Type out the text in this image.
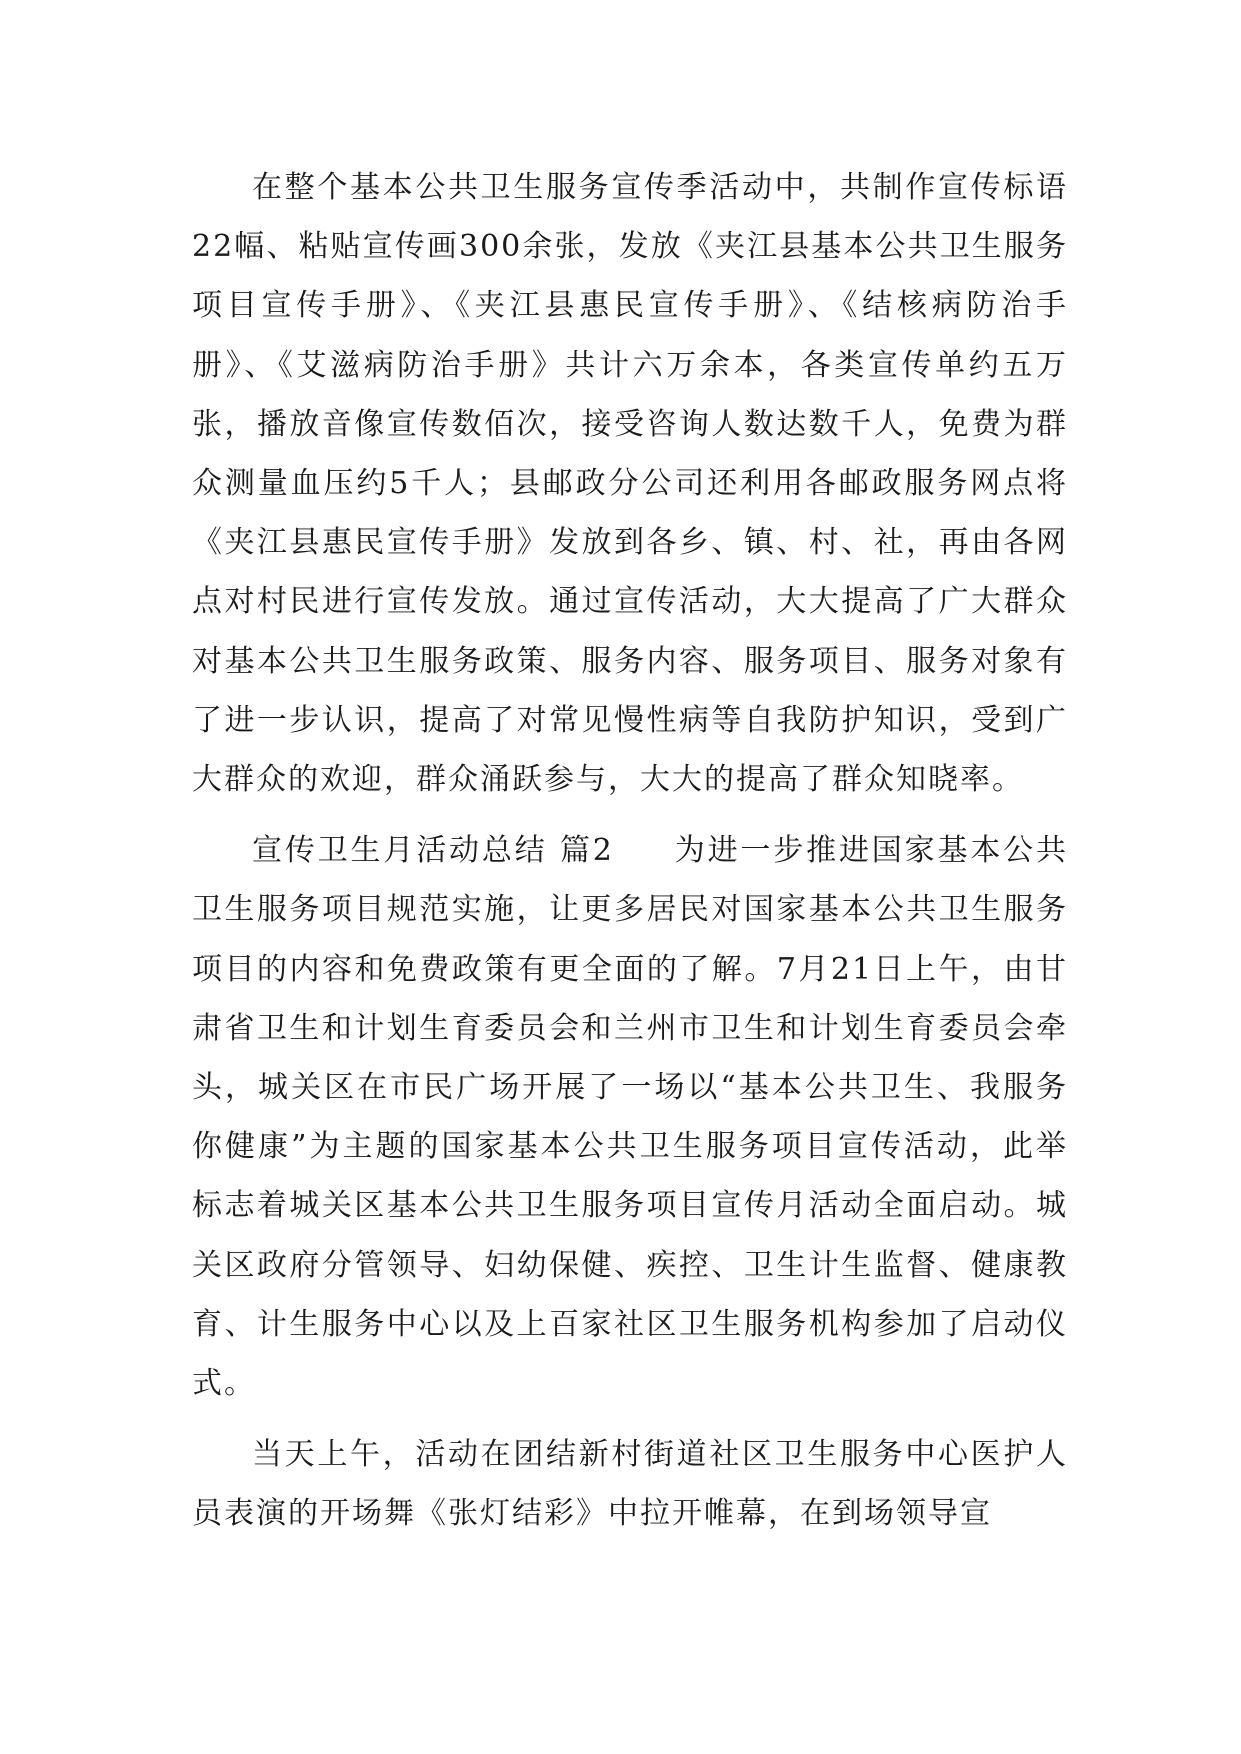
在整个基本公共卫生服务宣传季活动中，共制作宣传标语22幅、粘贴宣传画300余张，发放《夹江县基本公共卫生服务项目宣传手册》、《夹江县惠民宣传手册》、《结核病防治手册》、《艾滋病防治手册》共计六万余本，各类宣传单约五万张，播放音像宣传数佰次，接受咨询人数达数千人，免费为群众测量血压约5千人；县邮政分公司还利用各邮政服务网点将《夹江县惠民宣传手册》发放到各乡、镇、村、社，再由各网点对村民进行宣传发放。通过宣传活动，大大提高了广大群众对基本公共卫生服务政策、服务内容、服务项目、服务对象有了进一步认识，提高了对常见慢性病等自我防护知识，受到广大群众的欢迎，群众涌跃参与，大大的提高了群众知晓率。

宣传卫生月活动总结 篇2 为进一步推进国家基本公共卫生服务项目规范实施，让更多居民对国家基本公共卫生服务项目的内容和免费政策有更全面的了解。7月21日上午，由甘肃省卫生和计划生育委员会和兰州市卫生和计划生育委员会牵头，城关区在市民广场开展了一场以“基本公共卫生、我服务你健康”为主题的国家基本公共卫生服务项目宣传活动，此举标志着城关区基本公共卫生服务项目宣传月活动全面启动。城关区政府分管领导、妇幼保健、疾控、卫生计生监督、健康教育、计生服务中心以及上百家社区卫生服务机构参加了启动仪式。

当天上午，活动在团结新村街道社区卫生服务中心医护人员表演的开场舞《张灯结彩》中拉开帷幕，在到场领导宣
